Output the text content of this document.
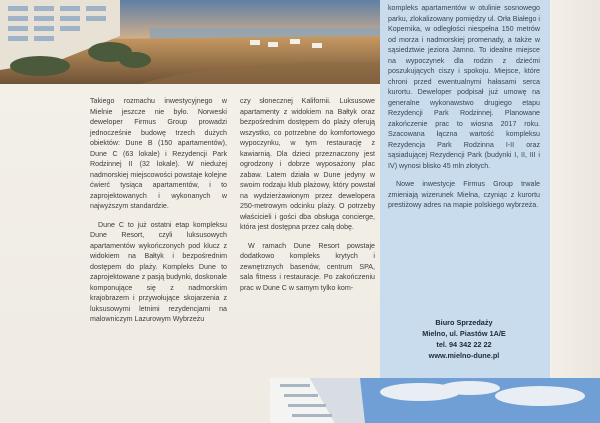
Takiego rozmachu inwestycyjnego w Mielnie jeszcze nie było. Norweski deweloper Firmus Group prowadzi jednocześnie budowę trzech dużych obiektów: Dune B (150 apartamentów), Dune C (63 lokale) i Rezydencji Park Rodzinnej II (32 lokale). W niedużej nadmorskiej miejscowości powstaje kolejne ćwierć tysiąca apartamentów, i to zaprojektowanych i wykonanych w najwyższym standardzie.

Dune C to już ostatni etap kompleksu Dune Resort, czyli luksusowych apartamentów wykończonych pod klucz z widokiem na Bałtyk i bezpośrednim dostępem do plaży. Kompleks Dune to zaprojektowane z pasją budynki, doskonale komponujące się z nadmorskim krajobrazem i przywołujące skojarzenia z luksusowymi letnimi rezydencjami na malowniczym Lazurowym Wybrzeżu

czy słonecznej Kalifornii. Luksusowe apartamenty z widokiem na Bałtyk oraz bezpośrednim dostępem do plaży oferują wszystko, co potrzebne do komfortowego wypoczynku, w tym restaurację z kawiarnią. Dla dzieci przeznaczony jest ogrodzony i dobrze wyposażony plac zabaw. Latem działa w Dune jedyny w swoim rodzaju klub plażowy, który powstał na wydzierżawionym przez dewelopera 250-metrowym odcinku plaży. O potrzeby właścicieli i gości dba obsługa concierge, która jest dostępna przez całą dobę.

W ramach Dune Resort powstaje dodatkowo kompleks krytych i zewnętrznych basenów, centrum SPA, sala fitness i restauracje. Po zakończeniu prac w Dune C w samym tylko kom-

kompleks apartamentów w otulinie sosnowego parku, zlokalizowany pomiędzy ul. Orła Białego i Kopernika, w odległości niespełna 150 metrów od morza i nadmorskiej promenady, a także w sąsiedztwie jeziora Jamno. To idealne miejsce na wypoczynek dla rodzin z dziećmi poszukujących ciszy i spokoju. Miejsce, które chroni przed ewentualnymi hałasami serca kurortu. Deweloper podpisał już umowę na generalne wykonawstwo drugiego etapu Rezydencji Park Rodzinnej. Planowane zakończenie prac to wiosna 2017 roku. Szacowana łączna wartość kompleksu Rezydencja Park Rodzinna I-II oraz sąsiadującej Rezydencji Park (budynki I, II, III i IV) wynosi blisko 45 mln złotych.

Nowe inwestycje Firmus Group trwale zmieniają wizerunek Mielna, czyniąc z kurortu prestiżowy adres na mapie polskiego wybrzeża.

Biuro Sprzedaży
Mielno, ul. Piastów 1A/E
tel. 94 342 22 22
www.mielno-dune.pl
